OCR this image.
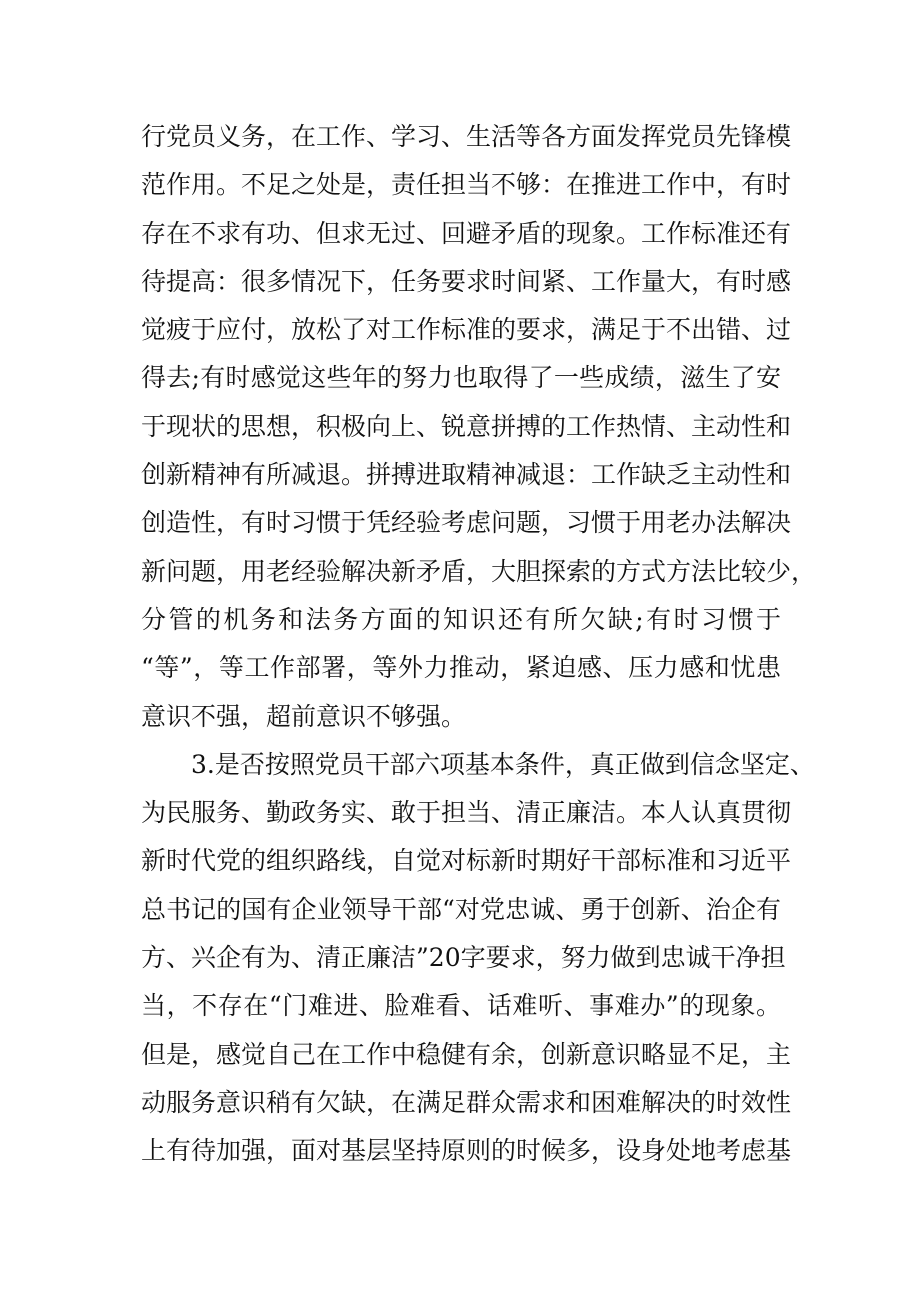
行党员义务，在工作、学习、生活等各方面发挥党员先锋模
范作用。不足之处是，责任担当不够：在推进工作中，有时
存在不求有功、但求无过、回避矛盾的现象。工作标准还有
待提高：很多情况下，任务要求时间紧、工作量大，有时感
觉疲于应付，放松了对工作标准的要求，满足于不出错、过
得去;有时感觉这些年的努力也取得了一些成绩，滋生了安
于现状的思想，积极向上、锐意拼搏的工作热情、主动性和
创新精神有所减退。拼搏进取精神减退：工作缺乏主动性和
创造性，有时习惯于凭经验考虑问题，习惯于用老办法解决
新问题，用老经验解决新矛盾，大胆探索的方式方法比较少，
分管的机务和法务方面的知识还有所欠缺;有时习惯于
“等”，等工作部署，等外力推动，紧迫感、压力感和忧患
意识不强，超前意识不够强。
3.是否按照党员干部六项基本条件，真正做到信念坚定、
为民服务、勤政务实、敢于担当、清正廉洁。本人认真贯彻
新时代党的组织路线，自觉对标新时期好干部标准和习近平
总书记的国有企业领导干部“对党忠诚、勇于创新、治企有
方、兴企有为、清正廉洁”20字要求，努力做到忠诚干净担
当，不存在“门难进、脸难看、话难听、事难办”的现象。
但是，感觉自己在工作中稳健有余，创新意识略显不足，主
动服务意识稍有欠缺，在满足群众需求和困难解决的时效性
上有待加强，面对基层坚持原则的时候多，设身处地考虑基
